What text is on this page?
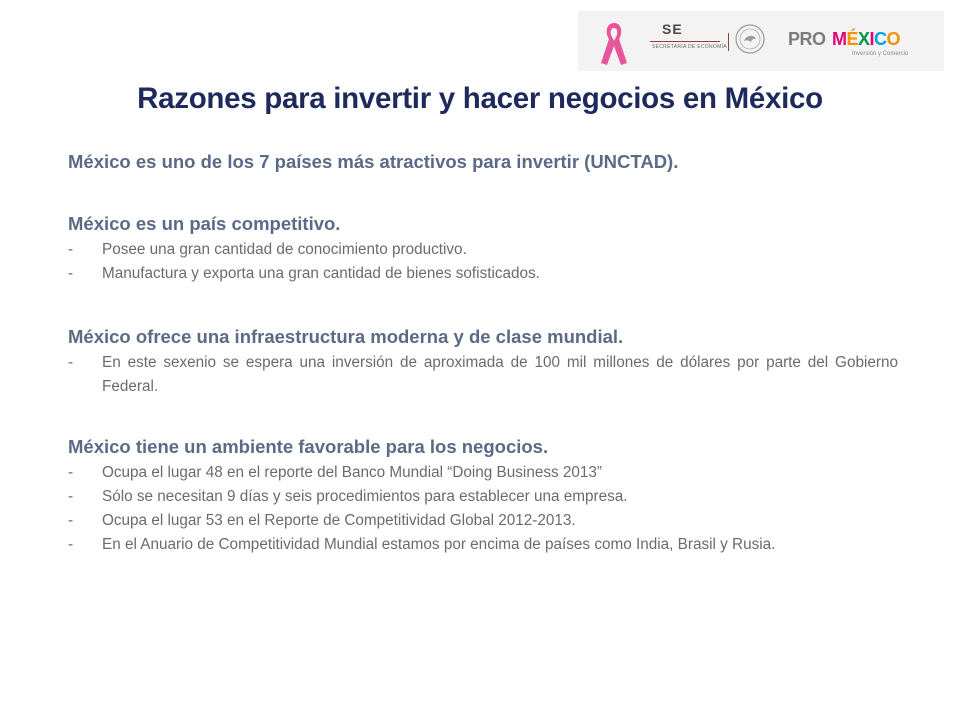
SE
SECRETARÍA DE ECONOMÍA	PRO MÉXICO
Inversión y Comercio
Razones para invertir y hacer negocios en México
México es uno de los 7 países más atractivos para invertir (UNCTAD).
México es un país competitivo.
- Posee una gran cantidad de conocimiento productivo.
- Manufactura y exporta una gran cantidad de bienes sofisticados.
México ofrece una infraestructura moderna y de clase mundial.
- En este sexenio se espera una inversión de aproximada de 100 mil millones de dólares por parte del Gobierno Federal.
México tiene un ambiente favorable para los negocios.
- Ocupa el lugar 48 en el reporte del Banco Mundial “Doing Business 2013”
- Sólo se necesitan 9 días y seis procedimientos para establecer una empresa.
- Ocupa el lugar 53 en el Reporte de Competitividad Global 2012-2013.
- En el Anuario de Competitividad Mundial estamos por encima de países como India, Brasil y Rusia.
